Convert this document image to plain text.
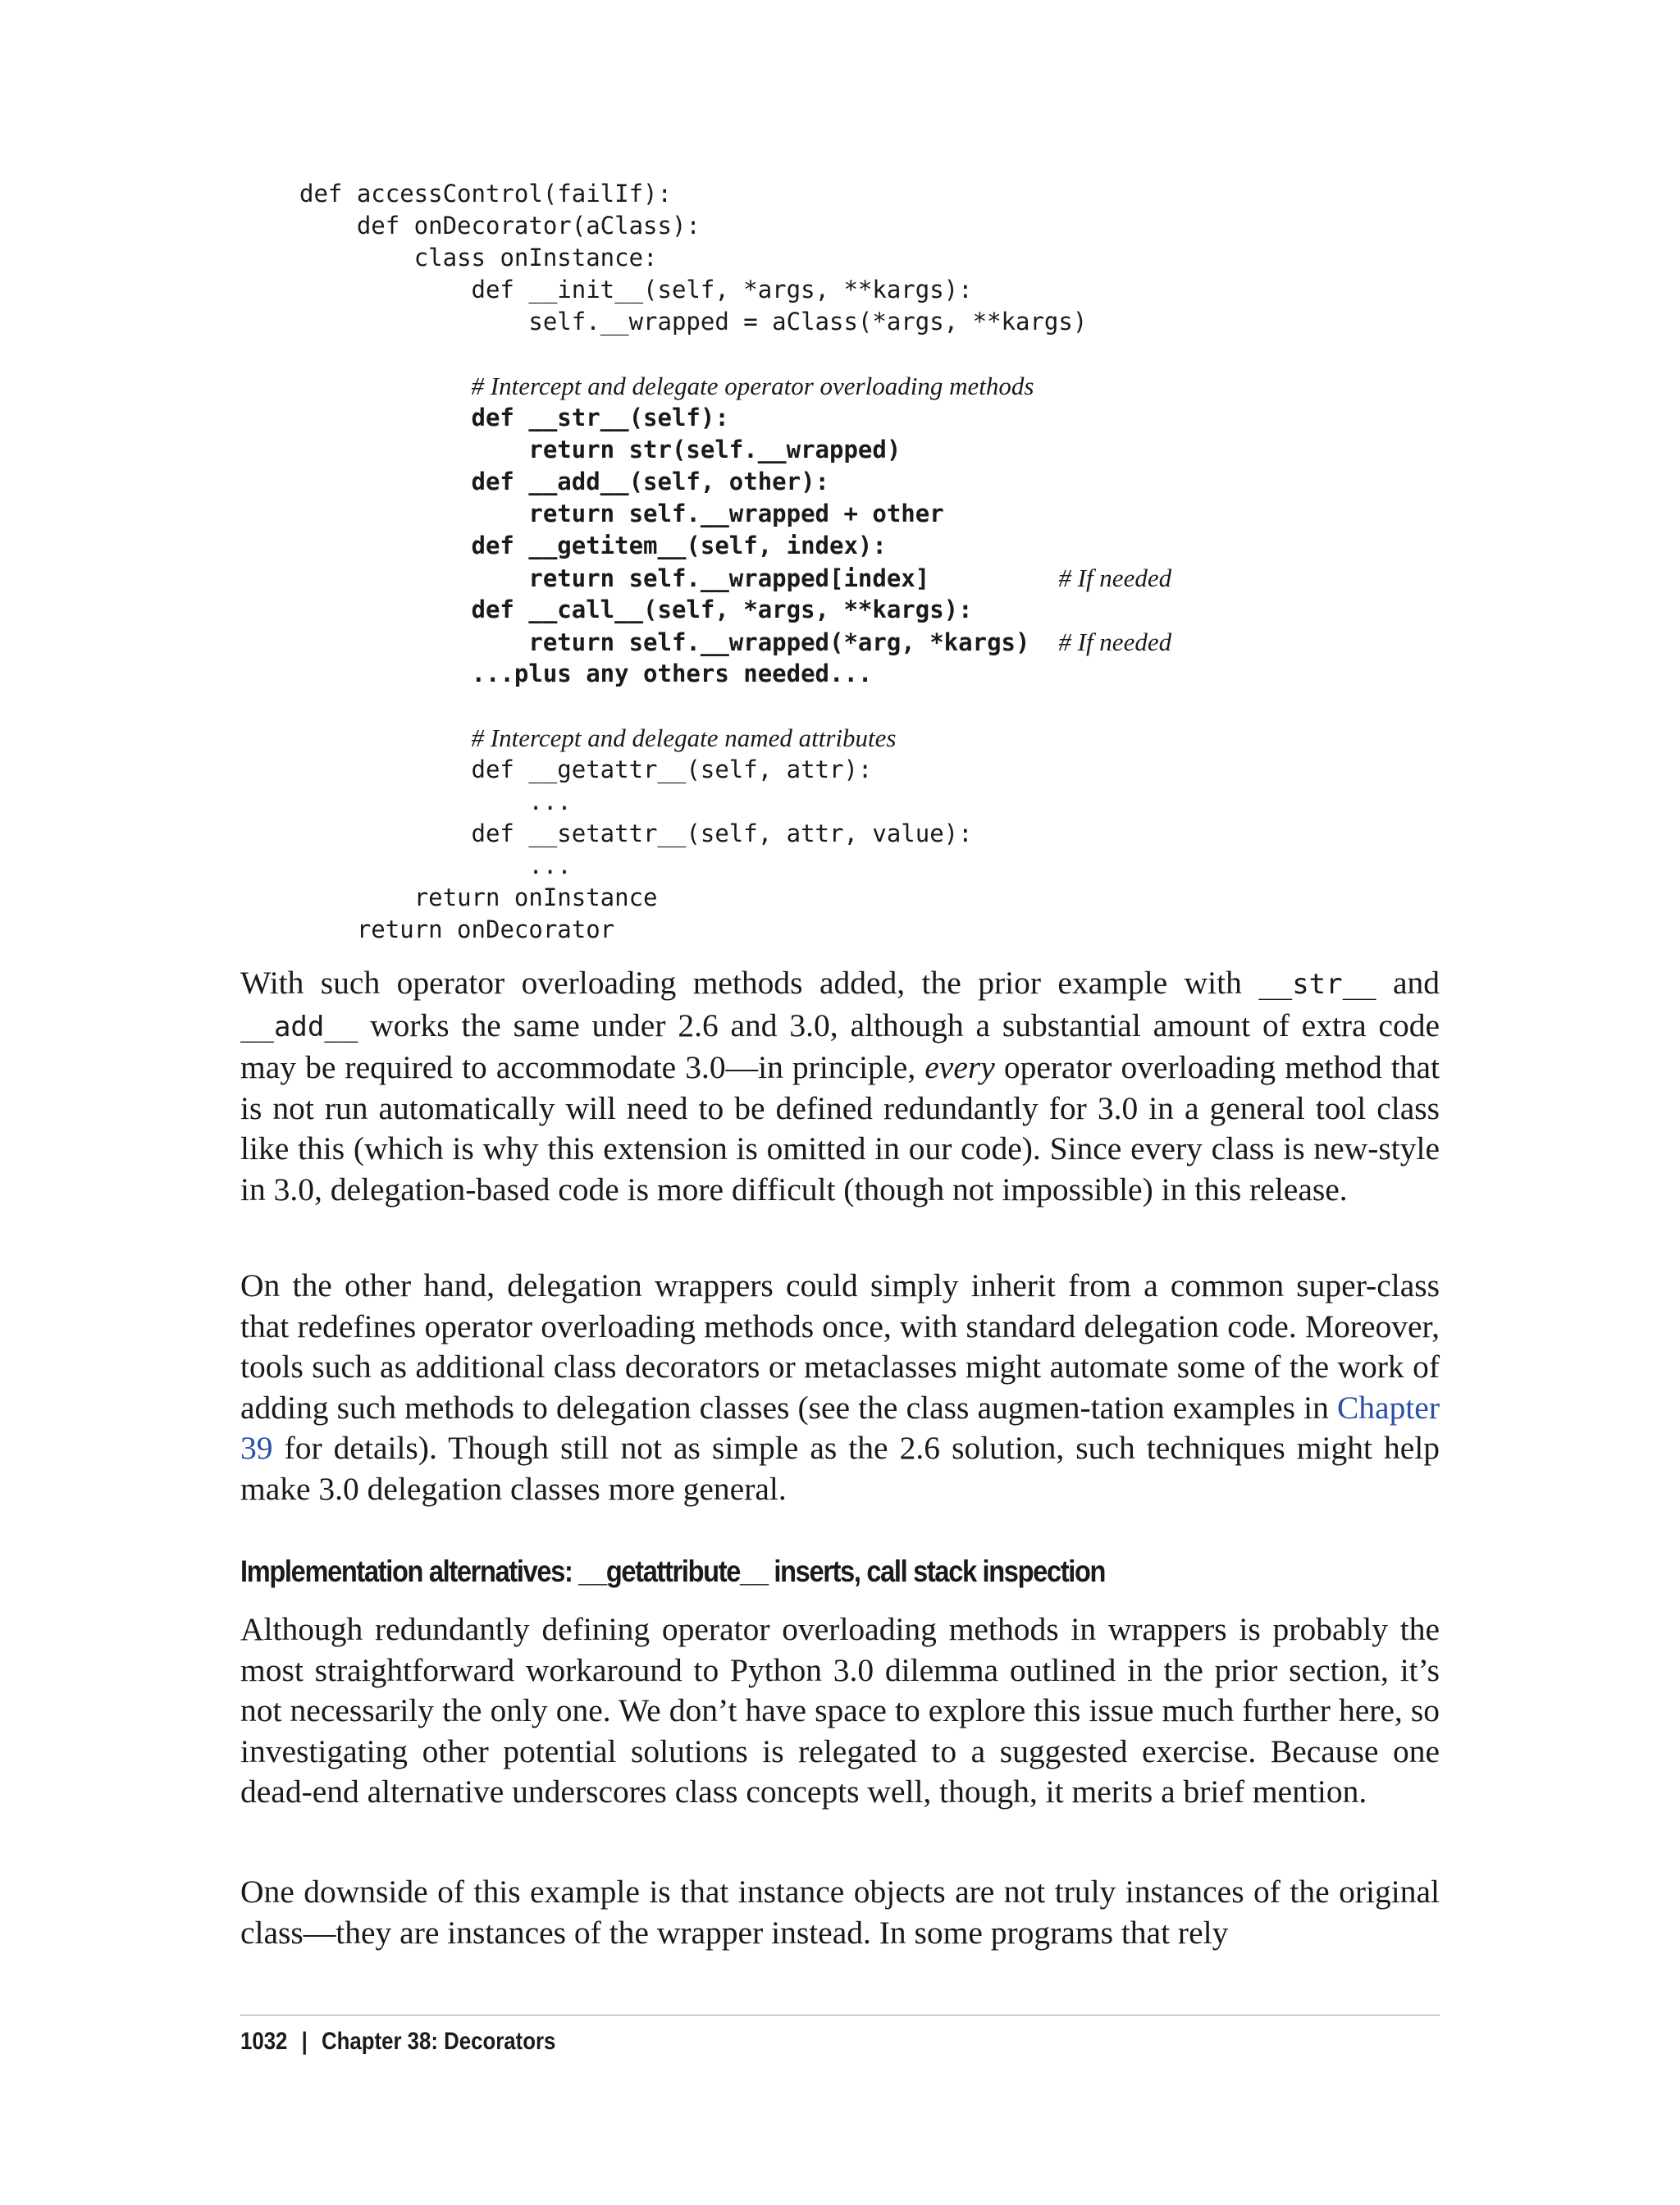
def accessControl(failIf):
def onDecorator(aClass):
class onInstance:
def __init__(self, *args, **kargs):
self.__wrapped = aClass(*args, **kargs)
# Intercept and delegate operator overloading methods
def __str__(self):
return str(self.__wrapped)
def __add__(self, other):
return self.__wrapped + other
def __getitem__(self, index):
return self.__wrapped[index]	# If needed
def __call__(self, *args, **kargs):
return self.__wrapped(*arg, *kargs) # If needed
...plus any others needed...
# Intercept and delegate named attributes
def __getattr__(self, attr):
...
def __setattr__(self, attr, value):
...
return onInstance
return onDecorator

With such operator overloading methods added, the prior example with __str__ and __add__ works the same under 2.6 and 3.0, although a substantial amount of extra code may be required to accommodate 3.0—in principle, every operator overloading method that is not run automatically will need to be defined redundantly for 3.0 in a general tool class like this (which is why this extension is omitted in our code). Since every class is new-style in 3.0, delegation-based code is more difficult (though not impossible) in this release.

On the other hand, delegation wrappers could simply inherit from a common super-class that redefines operator overloading methods once, with standard delegation code. Moreover, tools such as additional class decorators or metaclasses might automate some of the work of adding such methods to delegation classes (see the class augmen-tation examples in Chapter 39 for details). Though still not as simple as the 2.6 solution, such techniques might help make 3.0 delegation classes more general.

Implementation alternatives: __getattribute__ inserts, call stack inspection

Although redundantly defining operator overloading methods in wrappers is probably the most straightforward workaround to Python 3.0 dilemma outlined in the prior section, it’s not necessarily the only one. We don’t have space to explore this issue much further here, so investigating other potential solutions is relegated to a suggested exercise. Because one dead-end alternative underscores class concepts well, though, it merits a brief mention.

One downside of this example is that instance objects are not truly instances of the original class—they are instances of the wrapper instead. In some programs that rely

1032 | Chapter 38: Decorators
